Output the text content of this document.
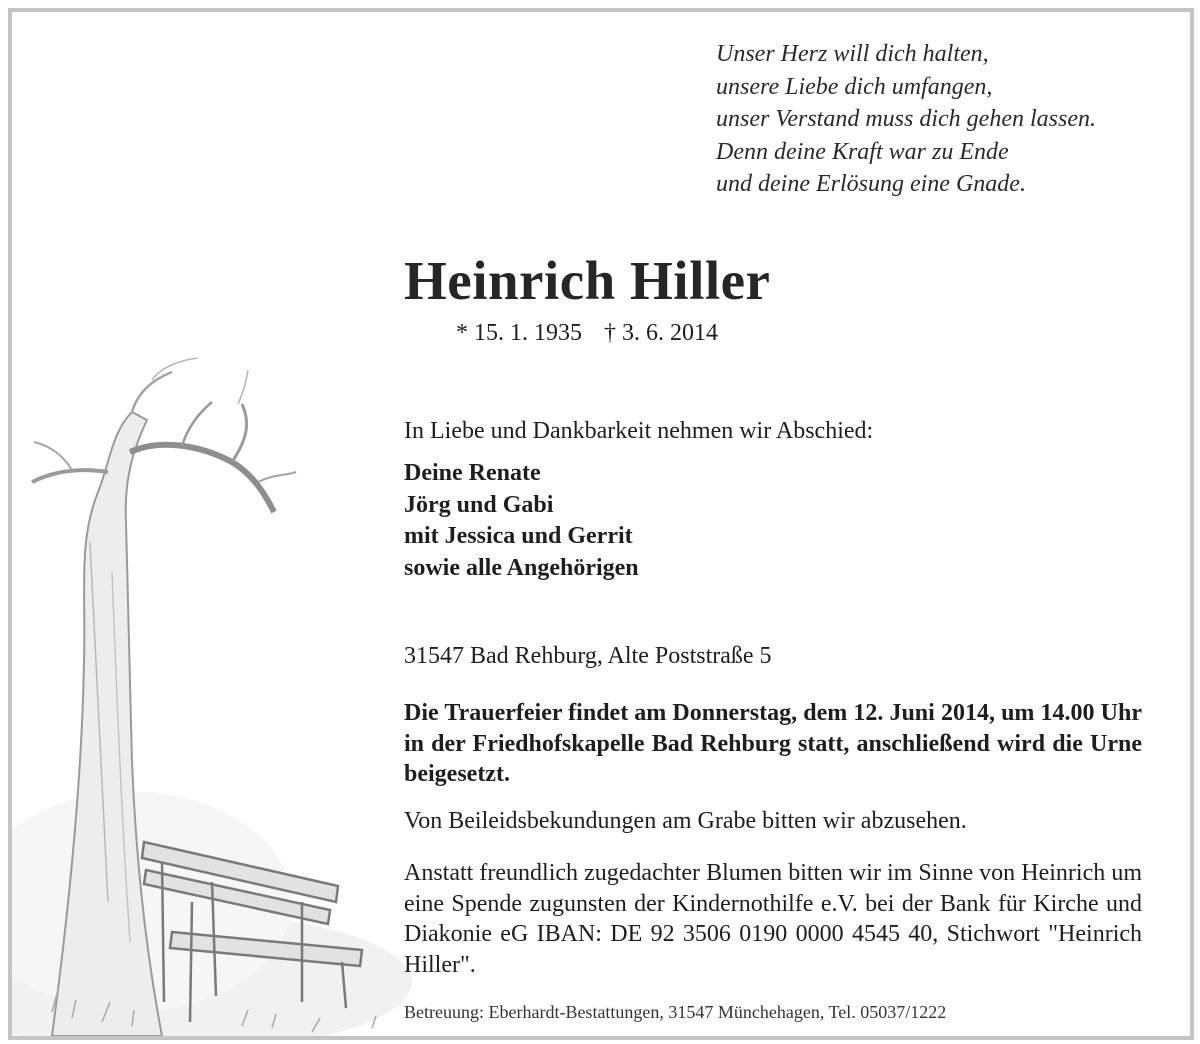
Unser Herz will dich halten,
unsere Liebe dich umfangen,
unser Verstand muss dich gehen lassen.
Denn deine Kraft war zu Ende
und deine Erlösung eine Gnade.
Heinrich Hiller
* 15. 1. 1935 † 3. 6. 2014
In Liebe und Dankbarkeit nehmen wir Abschied:
Deine Renate
Jörg und Gabi
mit Jessica und Gerrit
sowie alle Angehörigen
31547 Bad Rehburg, Alte Poststraße 5
Die Trauerfeier findet am Donnerstag, dem 12. Juni 2014, um 14.00 Uhr in der Friedhofskapelle Bad Rehburg statt, anschließend wird die Urne beigesetzt.
Von Beileidsbekundungen am Grabe bitten wir abzusehen.
Anstatt freundlich zugedachter Blumen bitten wir im Sinne von Heinrich um eine Spende zugunsten der Kindernothilfe e.V. bei der Bank für Kirche und Diakonie eG IBAN: DE 92 3506 0190 0000 4545 40, Stichwort "Heinrich Hiller".
Betreuung: Eberhardt-Bestattungen, 31547 Münchehagen, Tel. 05037/1222
